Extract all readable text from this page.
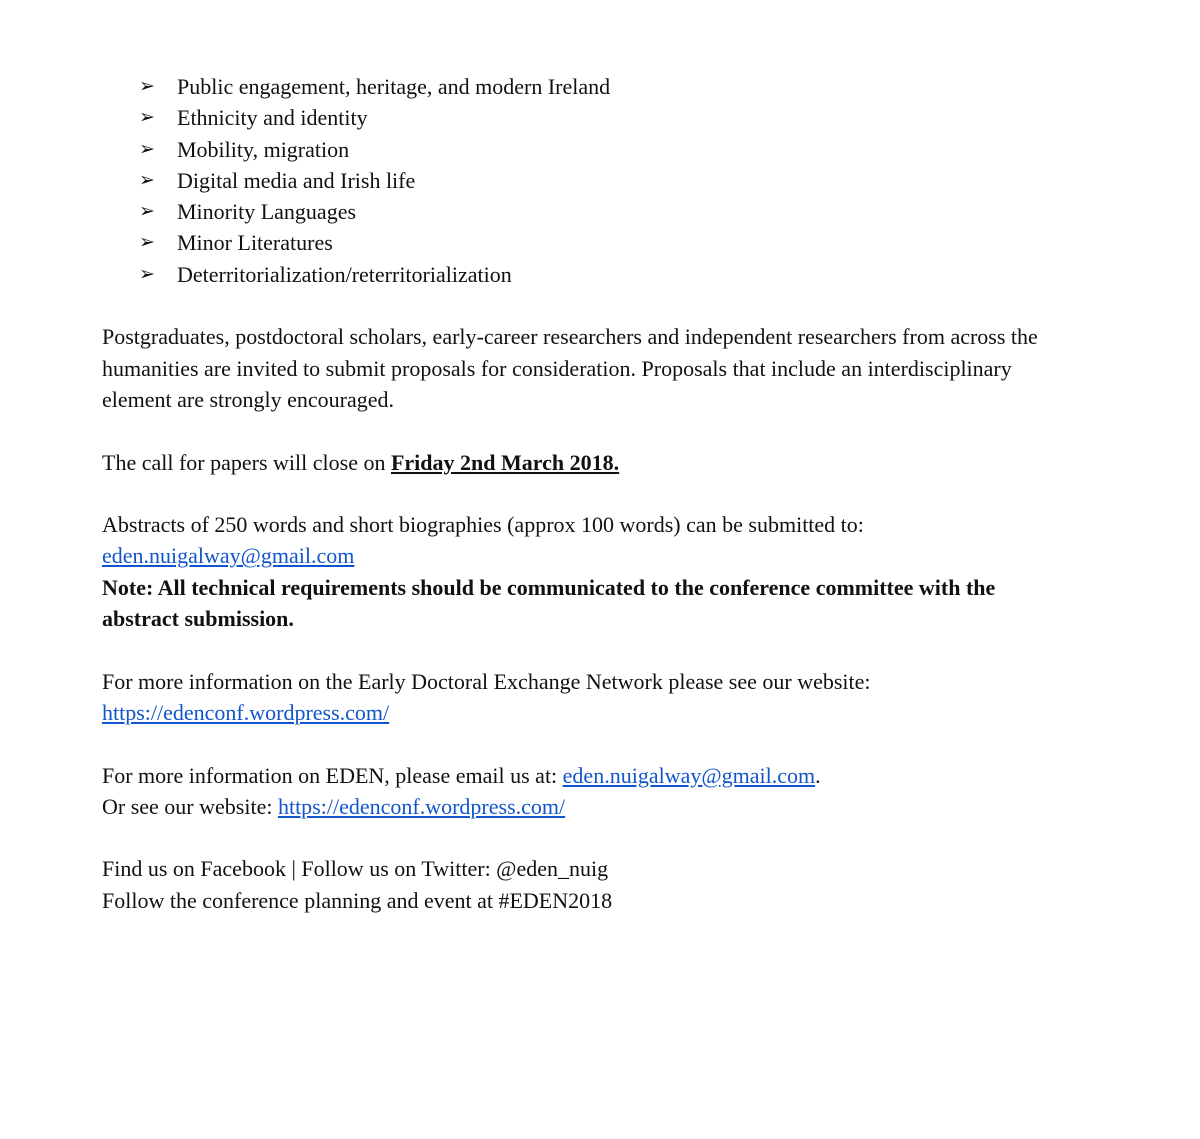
➢ Public engagement, heritage, and modern Ireland
➢ Ethnicity and identity
➢ Mobility, migration
➢ Digital media and Irish life
➢ Minority Languages
➢ Minor Literatures
➢ Deterritorialization/reterritorialization

Postgraduates, postdoctoral scholars, early-career researchers and independent researchers from across the humanities are invited to submit proposals for consideration. Proposals that include an interdisciplinary element are strongly encouraged.

The call for papers will close on Friday 2nd March 2018.

Abstracts of 250 words and short biographies (approx 100 words) can be submitted to:

eden.nuigalway@gmail.com

Note: All technical requirements should be communicated to the conference committee with the abstract submission.

For more information on the Early Doctoral Exchange Network please see our website:

https://edenconf.wordpress.com/

For more information on EDEN, please email us at: eden.nuigalway@gmail.com.

Or see our website: https://edenconf.wordpress.com/

Find us on Facebook | Follow us on Twitter: @eden_nuig

Follow the conference planning and event at #EDEN2018
